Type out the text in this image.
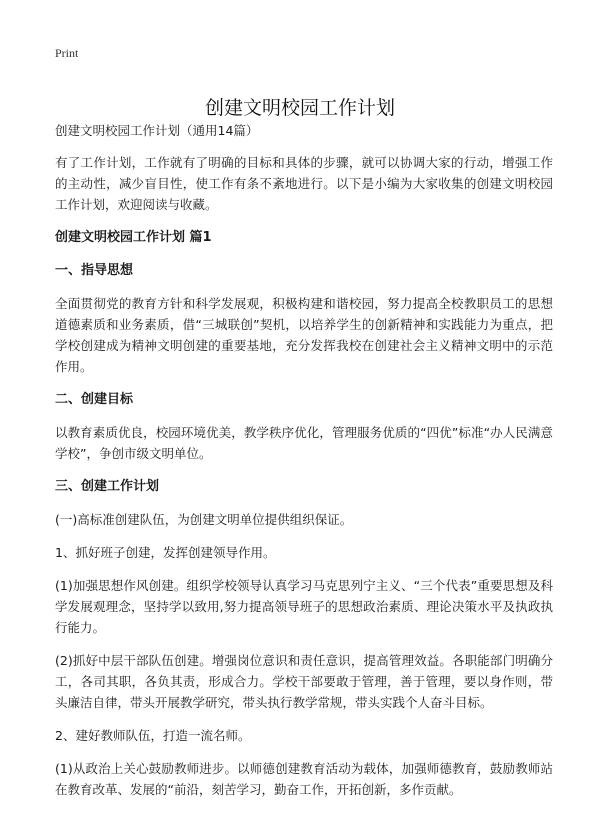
Print
创建文明校园工作计划

创建文明校园工作计划（通用14篇）

有了工作计划，工作就有了明确的目标和具体的步骤，就可以协调大家的行动，增强工作的主动性，减少盲目性，使工作有条不紊地进行。以下是小编为大家收集的创建文明校园工作计划，欢迎阅读与收藏。

创建文明校园工作计划 篇1
一、指导思想

全面贯彻党的教育方针和科学发展观，积极构建和谐校园，努力提高全校教职员工的思想道德素质和业务素质，借“三城联创”契机，以培养学生的创新精神和实践能力为重点，把学校创建成为精神文明创建的重要基地，充分发挥我校在创建社会主义精神文明中的示范作用。

二、创建目标

以教育素质优良，校园环境优美，教学秩序优化，管理服务优质的“四优”标准“办人民满意学校”，争创市级文明单位。

三、创建工作计划

(一)高标准创建队伍，为创建文明单位提供组织保证。

1、抓好班子创建，发挥创建领导作用。

(1)加强思想作风创建。组织学校领导认真学习马克思列宁主义、“三个代表”重要思想及科学发展观理念，坚持学以致用,努力提高领导班子的思想政治素质、理论决策水平及执政执行能力。

(2)抓好中层干部队伍创建。增强岗位意识和责任意识，提高管理效益。各职能部门明确分工，各司其职，各负其责，形成合力。学校干部要敢于管理，善于管理，要以身作则，带头廉洁自律，带头开展教学研究，带头执行教学常规，带头实践个人奋斗目标。

2、建好教师队伍，打造一流名师。

(1)从政治上关心鼓励教师进步。以师德创建教育活动为载体，加强师德教育，鼓励教师站在教育改革、发展的“前沿，刻苦学习，勤奋工作，开拓创新，多作贡献。
